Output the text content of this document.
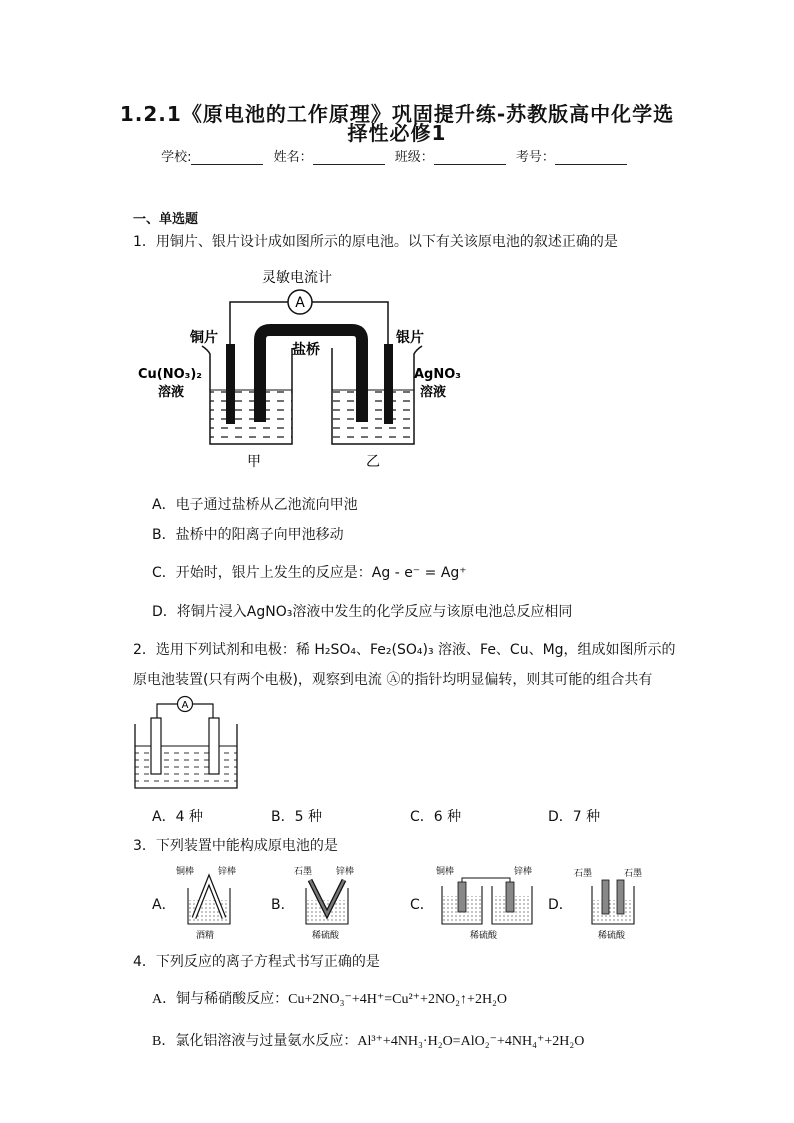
1.2.1《原电池的工作原理》巩固提升练-苏教版高中化学选
择性必修1
学校:	姓名：	班级：	考号：
一、单选题
1．用铜片、银片设计成如图所示的原电池。以下有关该原电池的叙述正确的是
灵敏电流计
A
铜片	银片
盐桥
Cu(NO₃)₂
溶液
AgNO₃
溶液
甲	乙
A．电子通过盐桥从乙池流向甲池
B．盐桥中的阳离子向甲池移动
C．开始时，银片上发生的反应是：Ag - e⁻ = Ag⁺
D．将铜片浸入AgNO₃溶液中发生的化学反应与该原电池总反应相同
2．选用下列试剂和电极：稀 H₂SO₄、Fe₂(SO₄)₃ 溶液、Fe、Cu、Mg，组成如图所示的
原电池装置(只有两个电极)，观察到电流 Ⓐ的指针均明显偏转，则其可能的组合共有
A
A．4 种	B．5 种	C．6 种	D．7 种
3．下列装置中能构成原电池的是
A．
铜棒	锌棒
酒精
B．
石墨	锌棒
稀硫酸
C．
铜棒	锌棒
稀硫酸
D．
石墨	石墨
稀硫酸
4．下列反应的离子方程式书写正确的是
A．铜与稀硝酸反应：Cu+2NO₃⁻+4H⁺=Cu²⁺+2NO₂↑+2H₂O
B．氯化铝溶液与过量氨水反应：Al³⁺+4NH₃·H₂O=AlO₂⁻+4NH₄⁺+2H₂O
